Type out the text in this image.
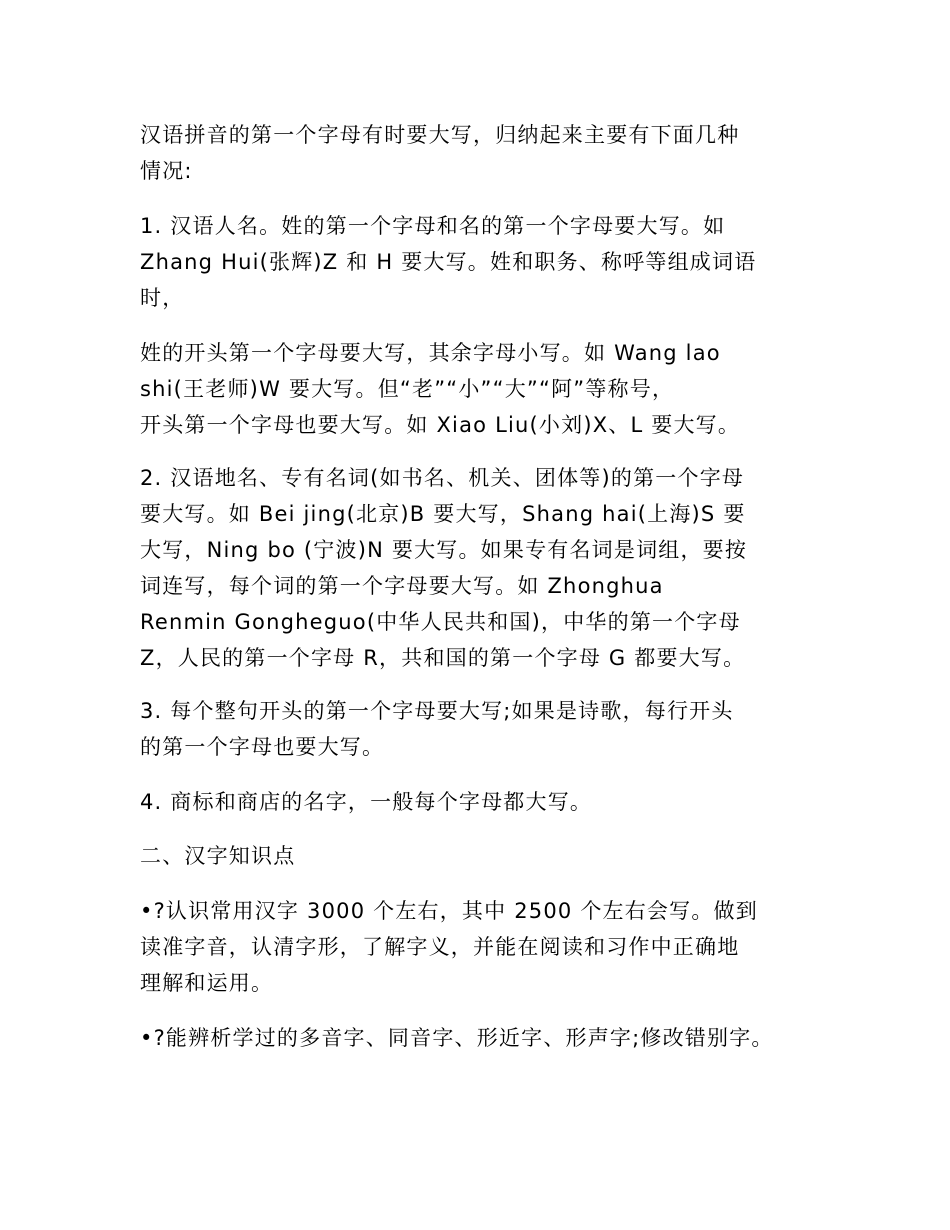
汉语拼音的第一个字母有时要大写，归纳起来主要有下面几种
情况:
1. 汉语人名。姓的第一个字母和名的第一个字母要大写。如
Zhang Hui(张辉)Z 和 H 要大写。姓和职务、称呼等组成词语
时，
姓的开头第一个字母要大写，其余字母小写。如 Wang lao
shi(王老师)W 要大写。但“老”“小”“大”“阿”等称号，
开头第一个字母也要大写。如 Xiao Liu(小刘)X、L 要大写。
2. 汉语地名、专有名词(如书名、机关、团体等)的第一个字母
要大写。如 Bei jing(北京)B 要大写，Shang hai(上海)S 要
大写，Ning bo (宁波)N 要大写。如果专有名词是词组，要按
词连写，每个词的第一个字母要大写。如 Zhonghua
Renmin Gongheguo(中华人民共和国)，中华的第一个字母
Z，人民的第一个字母 R，共和国的第一个字母 G 都要大写。
3. 每个整句开头的第一个字母要大写;如果是诗歌，每行开头
的第一个字母也要大写。
4. 商标和商店的名字，一般每个字母都大写。
二、汉字知识点
•?认识常用汉字 3000 个左右，其中 2500 个左右会写。做到
读准字音，认清字形，了解字义，并能在阅读和习作中正确地
理解和运用。
•?能辨析学过的多音字、同音字、形近字、形声字;修改错别字。
